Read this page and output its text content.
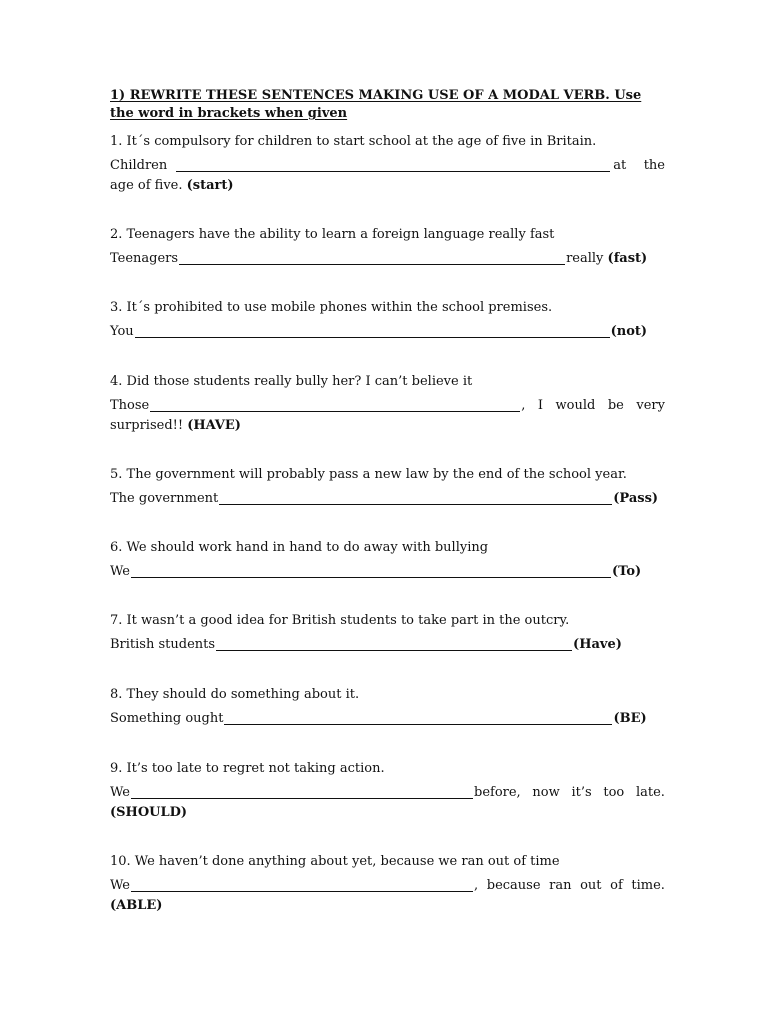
1) REWRITE THESE SENTENCES MAKING USE OF A MODAL VERB. Use the word in brackets when given
1. It´s compulsory for children to start school at the age of five in Britain.
Children	at the
age of five. (start)
2. Teenagers have the ability to learn a foreign language really fast
Teenagers	really
(fast)
3. It´s prohibited to use mobile phones within the school premises.
You	(not)
4. Did those students really bully her? I can’t believe it
Those	, I would be very
surprised!! (HAVE)
5. The government will probably pass a new law by the end of the school year.
The government	(Pass)
6. We should work hand in hand to do away with bullying
We	(To)
7. It wasn’t a good idea for British students to take part in the outcry.
British students	(Have)
8. They should do something about it.
Something ought	(BE)
9. It’s too late to regret not taking action.
We	before, now it’s too late.
(SHOULD)
10. We haven’t done anything about yet, because we ran out of time
We	, because ran out of time.
(ABLE)
